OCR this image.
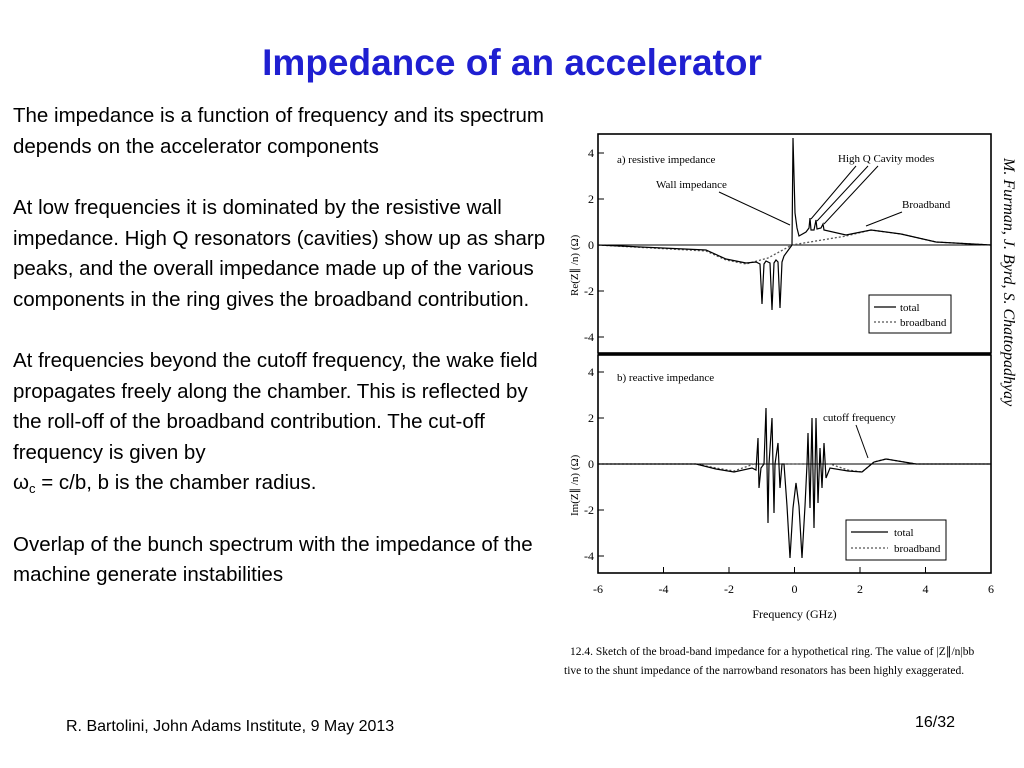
Impedance of an accelerator

The impedance is a function of frequency and its spectrum depends on the accelerator components

At low frequencies it is dominated by the resistive wall impedance. High Q resonators (cavities) show up as sharp peaks, and the overall impedance made up of the various components in the ring gives the broadband contribution.

At frequencies beyond the cutoff frequency, the wake field propagates freely along the chamber. This is reflected by the roll-off of the broadband contribution. The cut-off frequency is given by
$\omega_c = c/b$, b is the chamber radius.

Overlap of the bunch spectrum with the impedance of the machine generate instabilities

4
2
0
-2
-4
Re(Z∥ /n) (Ω)
a) resistive impedance
Wall impedance
High Q Cavity modes
Broadband
total
broadband
4
2
0
-2
-4
Im(Z∥ /n) (Ω)
b) reactive impedance
cutoff frequency
total
broadband
-6	-4	-2	0	2	4	6
Frequency (GHz)
12.4. Sketch of the broad-band impedance for a hypothetical ring. The value of |Z∥/n|bb
tive to the shunt impedance of the narrowband resonators has been highly exaggerated.
M. Furman, J. Byrd, S. Chattopadhyay
R. Bartolini, John Adams Institute, 9 May 2013	16/32
